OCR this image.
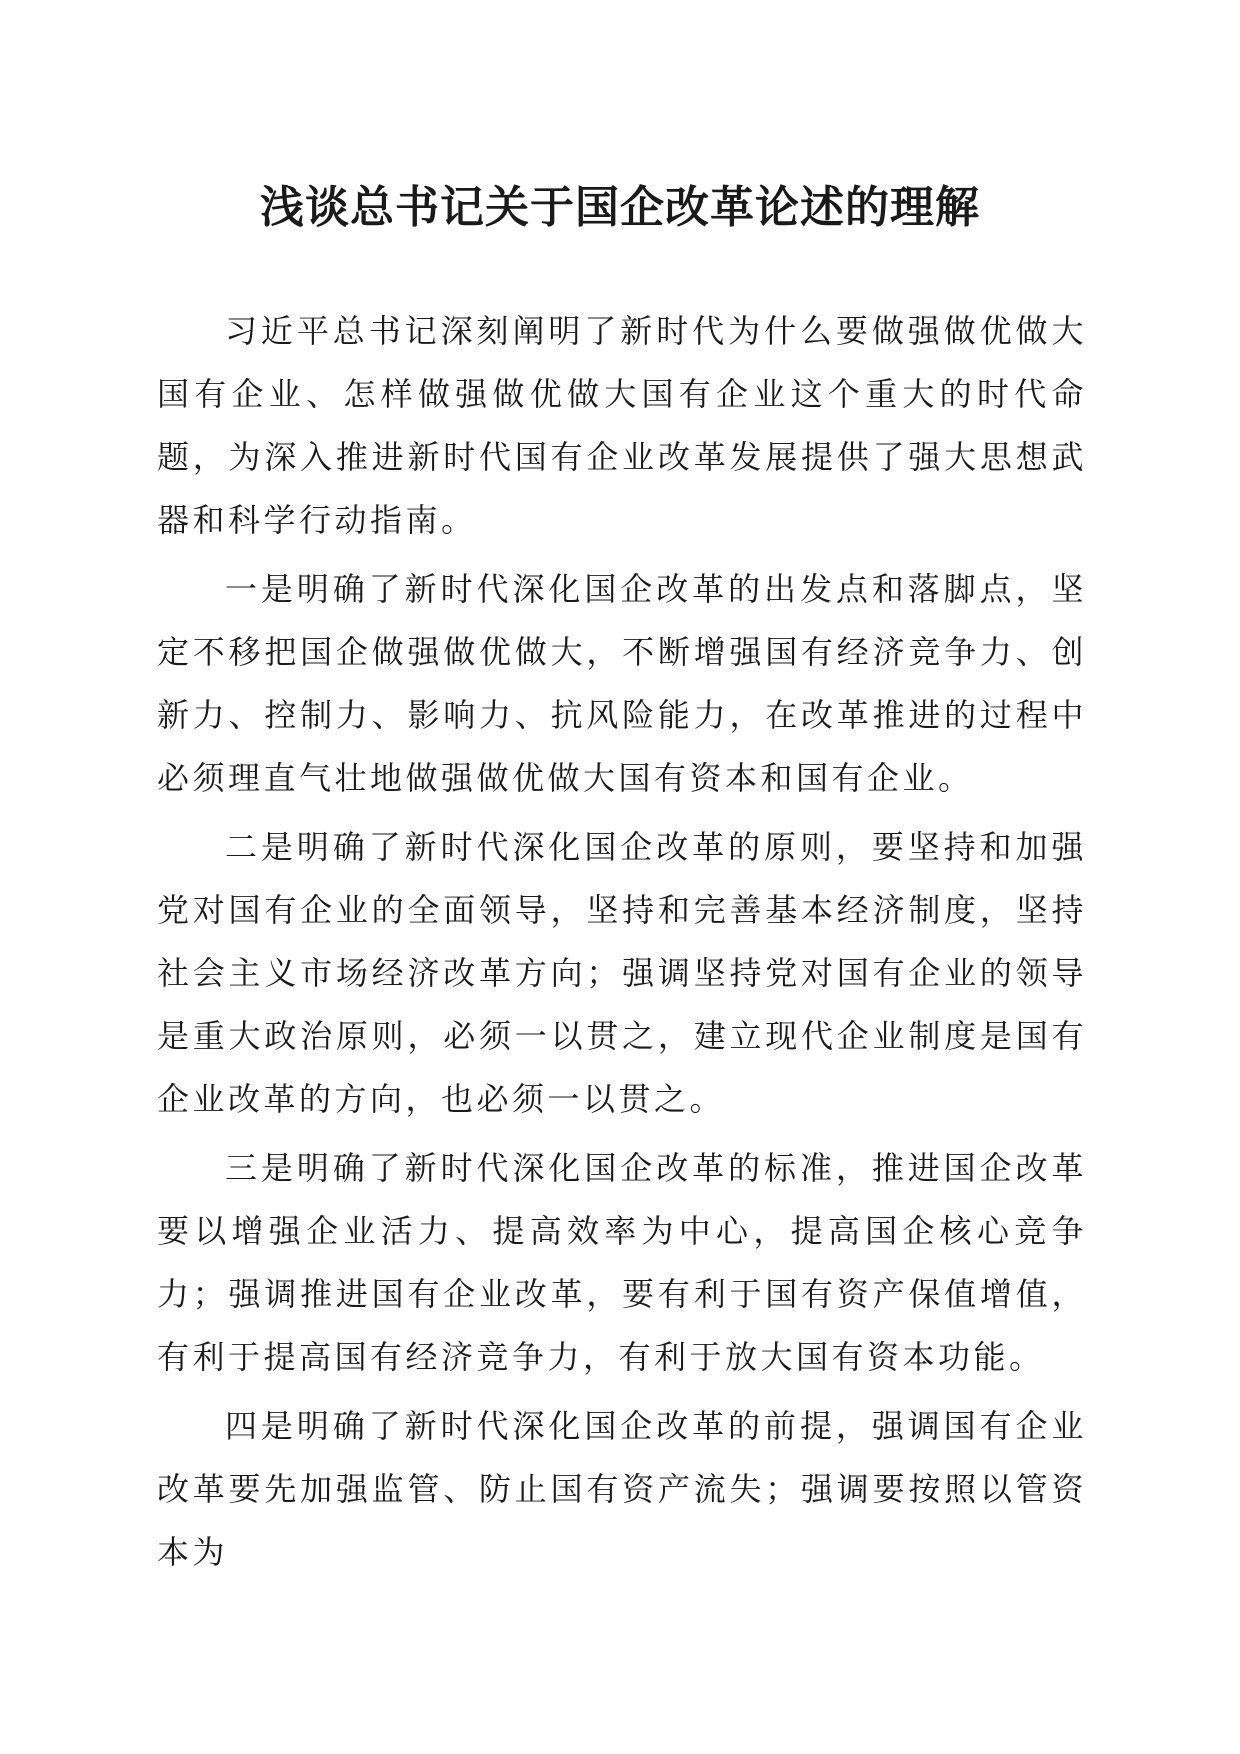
浅谈总书记关于国企改革论述的理解

习近平总书记深刻阐明了新时代为什么要做强做优做大国有企业、怎样做强做优做大国有企业这个重大的时代命题，为深入推进新时代国有企业改革发展提供了强大思想武器和科学行动指南。

一是明确了新时代深化国企改革的出发点和落脚点，坚定不移把国企做强做优做大，不断增强国有经济竞争力、创新力、控制力、影响力、抗风险能力，在改革推进的过程中必须理直气壮地做强做优做大国有资本和国有企业。

二是明确了新时代深化国企改革的原则，要坚持和加强党对国有企业的全面领导，坚持和完善基本经济制度，坚持社会主义市场经济改革方向；强调坚持党对国有企业的领导是重大政治原则，必须一以贯之，建立现代企业制度是国有企业改革的方向，也必须一以贯之。

三是明确了新时代深化国企改革的标准，推进国企改革要以增强企业活力、提高效率为中心，提高国企核心竞争力；强调推进国有企业改革，要有利于国有资产保值增值，有利于提高国有经济竞争力，有利于放大国有资本功能。

四是明确了新时代深化国企改革的前提，强调国有企业改革要先加强监管、防止国有资产流失；强调要按照以管资本为
